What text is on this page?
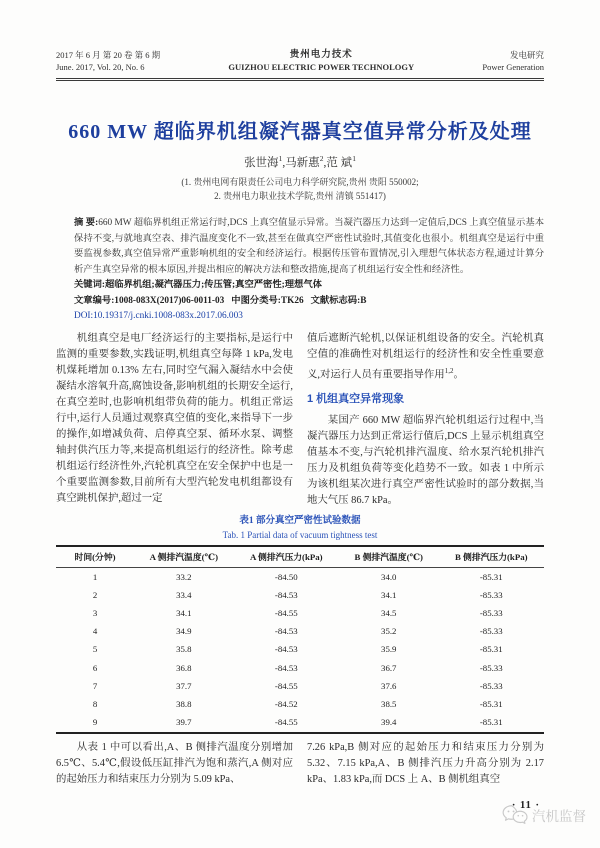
2017 年 6 月 第 20 卷 第 6 期
June. 2017, Vol. 20, No. 6
贵州电力技术
GUIZHOU ELECTRIC POWER TECHNOLOGY
发电研究
Power Generation
660 MW 超临界机组凝汽器真空值异常分析及处理
张世海$^1$,​马新惠$^2$,​范 斌$^1$
(1. 贵州电网有限责任公司电力科学研究院,贵州 贵阳 550002;
2. 贵州电力职业技术学院,贵州 清镇 551417)

摘 要:660 MW 超临界机组正常运行时,DCS 上真空值显示异常。当凝汽器压力达到一定值后,DCS 上真空值显示基本保持不变,与就地真空表、排汽温度变化不一致,甚至在做真空严密性试验时,其值变化也很小。机组真空是运行中重要监视参数,真空值异常严重影响机组的安全和经济运行。根据传压管布置情况,引入理想气体状态方程,通过计算分析产生真空异常的根本原因,并提出相应的解决方法和整改措施,提高了机组运行安全性和经济性。

关键词:超临界机组;凝汽器压力;传压管;真空严密性;理想气体

文章编号:1008-083X(2017)06-0011-03 中图分类号:TK26 文献标志码:B

DOI:10.19317/j.cnki.1008-083x.2017.06.003

机组真空是电厂经济运行的主要指标,是运行中监测的重要参数,实践证明,机组真空每降 1 kPa,发电机煤耗增加 0.13% 左右,同时空气漏入凝结水中会使凝结水溶氧升高,腐蚀设备,影响机组的长期安全运行,在真空差时,也影响机组带负荷的能力。机组正常运行中,运行人员通过观察真空值的变化,来指导下一步的操作,如增减负荷、启停真空泵、循环水泵、调整轴封供汽压力等,来提高机组运行的经济性。除考虑机组运行经济性外,汽轮机真空在安全保护中也是一个重要监测参数,目前所有大型汽轮发电机组都设有真空跳机保护,超过一定

值后遮断汽轮机,以保证机组设备的安全。汽轮机真空值的准确性对机组运行的经济性和安全性重要意义,对运行人员有重要指导作用$^{1,2}$。

1 机组真空异常现象

某国产 660 MW 超临界汽轮机组运行过程中,当凝汽器压力达到正常运行值后,DCS 上显示机组真空值基本不变,与汽轮机排汽温度、给水泵汽轮机排汽压力及机组负荷等变化趋势不一致。如表 1 中所示为该机组某次进行真空严密性试验时的部分数据,当地大气压 86.7 kPa。

表1 部分真空严密性试验数据
Tab. 1 Partial data of vacuum tightness test
时间(分钟)	A 侧排汽温度(℃)	A 侧排汽压力(kPa)	B 侧排汽温度(℃)	B 侧排汽压力(kPa)
1	33.2	-84.50	34.0	-85.31
2	33.4	-84.53	34.1	-85.33
3	34.1	-84.55	34.5	-85.33
4	34.9	-84.53	35.2	-85.33
5	35.8	-84.53	35.9	-85.31
6	36.8	-84.53	36.7	-85.33
7	37.7	-84.55	37.6	-85.33
8	38.8	-84.52	38.5	-85.31
9	39.7	-84.55	39.4	-85.31

从表 1 中可以看出,A、B 侧排汽温度分别增加 6.5℃、5.4℃,假设低压缸排汽为饱和蒸汽,A 侧对应的起始压力和结束压力分别为 5.09 kPa、

7.26 kPa,B 侧对应的起始压力和结束压力分别为 5.32、7.15 kPa,A、B 侧排汽压力升高分别为 2.17 kPa、1.83 kPa,而 DCS 上 A、B 侧机组真空

· 11 ·
汽机监督
